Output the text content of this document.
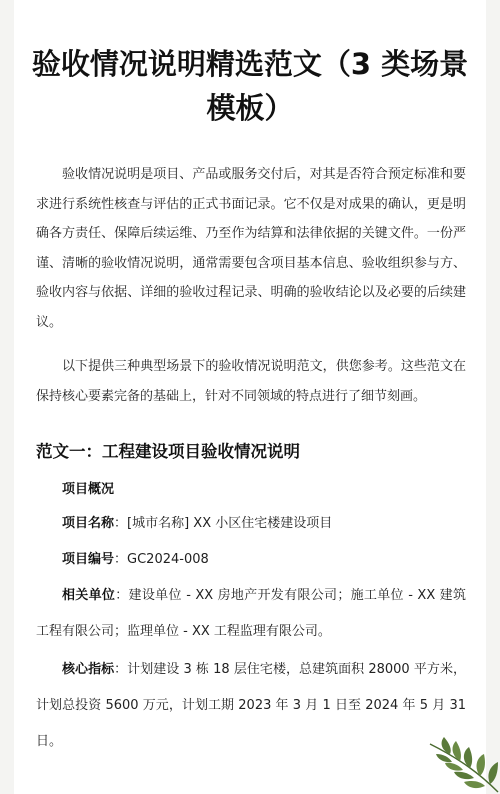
验收情况说明精选范文（3 类场景模板）

验收情况说明是项目、产品或服务交付后，对其是否符合预定标准和要求进行系统性核查与评估的正式书面记录。它不仅是对成果的确认，更是明确各方责任、保障后续运维、乃至作为结算和法律依据的关键文件。一份严谨、清晰的验收情况说明，通常需要包含项目基本信息、验收组织参与方、验收内容与依据、详细的验收过程记录、明确的验收结论以及必要的后续建议。

以下提供三种典型场景下的验收情况说明范文，供您参考。这些范文在保持核心要素完备的基础上，针对不同领域的特点进行了细节刻画。

范文一：工程建设项目验收情况说明
项目概况

项目名称：[城市名称] XX 小区住宅楼建设项目

项目编号：GC2024-008

相关单位：建设单位 - XX 房地产开发有限公司；施工单位 - XX 建筑工程有限公司；监理单位 - XX 工程监理有限公司。

核心指标：计划建设 3 栋 18 层住宅楼，总建筑面积 28000 平方米，计划总投资 5600 万元，计划工期 2023 年 3 月 1 日至 2024 年 5 月 31 日。
